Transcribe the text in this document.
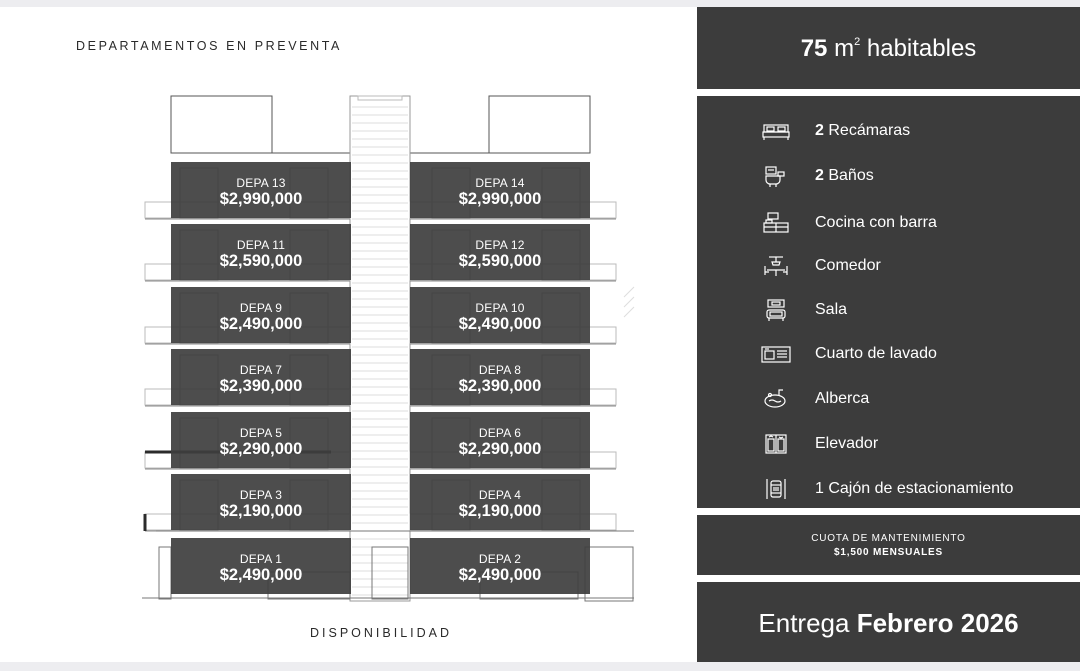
DEPARTAMENTOS EN PREVENTA
DEPA 13
$2,990,000
DEPA 14
$2,990,000
DEPA 11
$2,590,000
DEPA 12
$2,590,000
DEPA 9
$2,490,000
DEPA 10
$2,490,000
DEPA 7
$2,390,000
DEPA 8
$2,390,000
DEPA 5
$2,290,000
DEPA 6
$2,290,000
DEPA 3
$2,190,000
DEPA 4
$2,190,000
DEPA 1
$2,490,000
DEPA 2
$2,490,000
DISPONIBILIDAD
75 $m^2$ habitables
2 Recámaras
2 Baños
Cocina con barra
Comedor
Sala
Cuarto de lavado
Alberca
Elevador
1 Cajón de estacionamiento
CUOTA DE MANTENIMIENTO
$1,500 MENSUALES
Entrega Febrero 2026
